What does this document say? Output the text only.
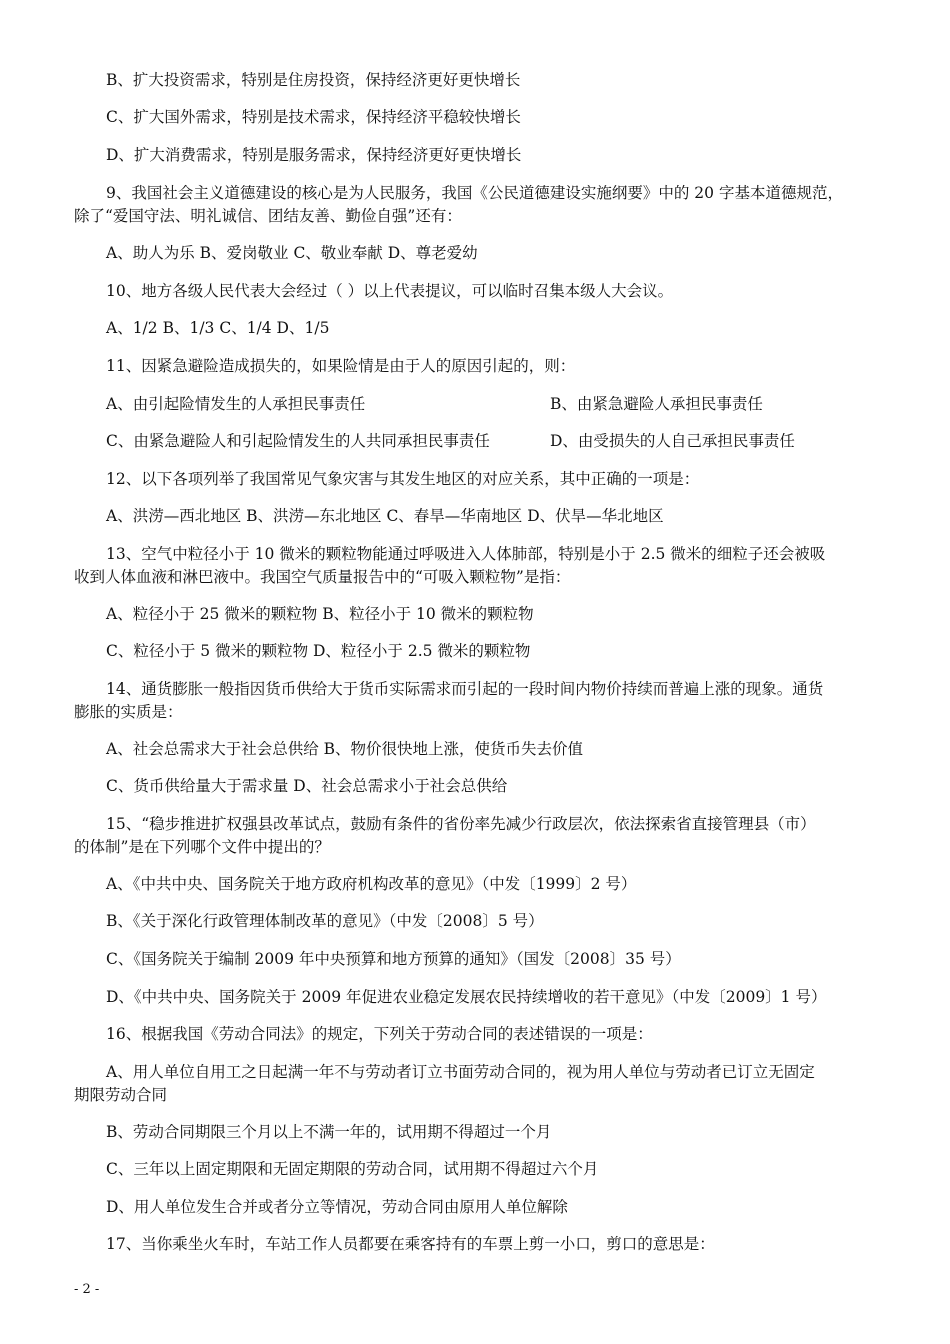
B、扩大投资需求，特别是住房投资，保持经济更好更快增长
C、扩大国外需求，特别是技术需求，保持经济平稳较快增长
D、扩大消费需求，特别是服务需求，保持经济更好更快增长
9、我国社会主义道德建设的核心是为人民服务，我国《公民道德建设实施纲要》中的 20 字基本道德规范，
除了“爱国守法、明礼诚信、团结友善、勤俭自强”还有：
A、助人为乐 B、爱岗敬业 C、敬业奉献 D、尊老爱幼
10、地方各级人民代表大会经过（ ）以上代表提议，可以临时召集本级人大会议。
A、1/2 B、1/3 C、1/4 D、1/5
11、因紧急避险造成损失的，如果险情是由于人的原因引起的，则：
A、由引起险情发生的人承担民事责任	B、由紧急避险人承担民事责任
C、由紧急避险人和引起险情发生的人共同承担民事责任	D、由受损失的人自己承担民事责任
12、以下各项列举了我国常见气象灾害与其发生地区的对应关系，其中正确的一项是：
A、洪涝—西北地区 B、洪涝—东北地区 C、春旱—华南地区 D、伏旱—华北地区
13、空气中粒径小于 10 微米的颗粒物能通过呼吸进入人体肺部，特别是小于 2.5 微米的细粒子还会被吸
收到人体血液和淋巴液中。我国空气质量报告中的“可吸入颗粒物”是指：
A、粒径小于 25 微米的颗粒物 B、粒径小于 10 微米的颗粒物
C、粒径小于 5 微米的颗粒物 D、粒径小于 2.5 微米的颗粒物
14、通货膨胀一般指因货币供给大于货币实际需求而引起的一段时间内物价持续而普遍上涨的现象。通货
膨胀的实质是：
A、社会总需求大于社会总供给 B、物价很快地上涨，使货币失去价值
C、货币供给量大于需求量 D、社会总需求小于社会总供给
15、“稳步推进扩权强县改革试点，鼓励有条件的省份率先减少行政层次，依法探索省直接管理县（市）
的体制”是在下列哪个文件中提出的？
A、《中共中央、国务院关于地方政府机构改革的意见》（中发〔1999〕2 号）
B、《关于深化行政管理体制改革的意见》（中发〔2008〕5 号）
C、《国务院关于编制 2009 年中央预算和地方预算的通知》（国发〔2008〕35 号）
D、《中共中央、国务院关于 2009 年促进农业稳定发展农民持续增收的若干意见》（中发〔2009〕1 号）
16、根据我国《劳动合同法》的规定，下列关于劳动合同的表述错误的一项是：
A、用人单位自用工之日起满一年不与劳动者订立书面劳动合同的，视为用人单位与劳动者已订立无固定
期限劳动合同
B、劳动合同期限三个月以上不满一年的，试用期不得超过一个月
C、三年以上固定期限和无固定期限的劳动合同，试用期不得超过六个月
D、用人单位发生合并或者分立等情况，劳动合同由原用人单位解除
17、当你乘坐火车时，车站工作人员都要在乘客持有的车票上剪一小口，剪口的意思是：
- 2 -
